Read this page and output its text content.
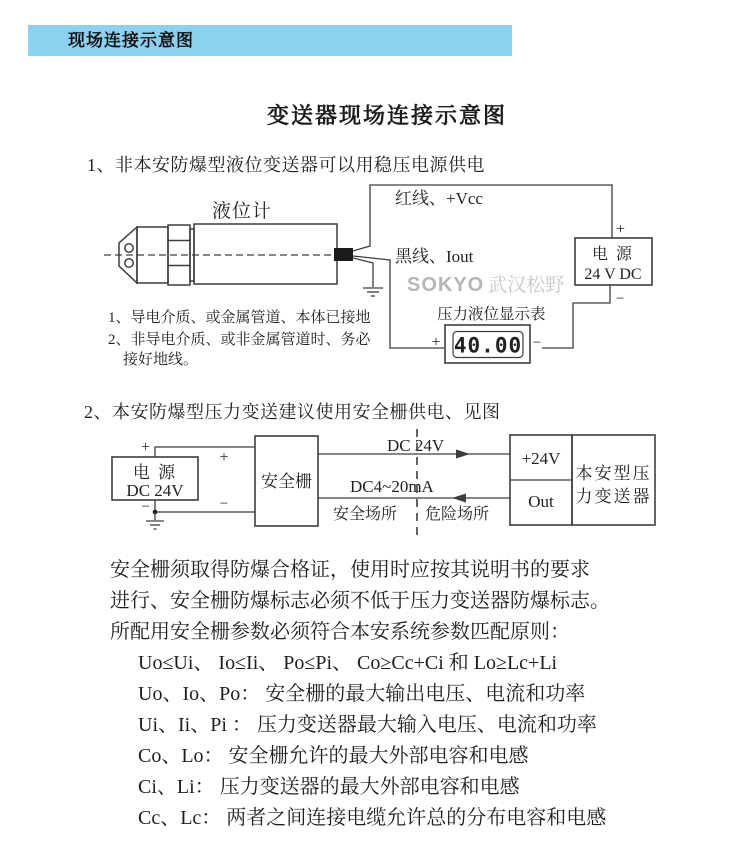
现场连接示意图
变送器现场连接示意图
1、非本安防爆型液位变送器可以用稳压电源供电
液位计
红线、+Vcc
黑线、Iout
SOKYO 武汉松野
电 源
24 V DC
+
−
压力液位显示表
40.00
+	−
1、导电介质、或金属管道、本体已接地
2、非导电介质、或非金属管道时、务必
接好地线。
2、本安防爆型压力变送建议使用安全栅供电、见图
电 源
DC 24V
+
−
+
−
安全栅
DC 24V
DC4~20mA
安全场所 危险场所
+24V
Out
本安型压
力变送器
安全栅须取得防爆合格证，使用时应按其说明书的要求
进行、安全栅防爆标志必须不低于压力变送器防爆标志。
所配用安全栅参数必须符合本安系统参数匹配原则：
Uo≤Ui、 Io≤Ii、 Po≤Pi、 Co≥Cc+Ci 和 Lo≥Lc+Li
Uo、Io、Po： 安全栅的最大输出电压、电流和功率
Ui、Ii、Pi ： 压力变送器最大输入电压、电流和功率
Co、Lo： 安全栅允许的最大外部电容和电感
Ci、Li： 压力变送器的最大外部电容和电感
Cc、Lc： 两者之间连接电缆允许总的分布电容和电感
